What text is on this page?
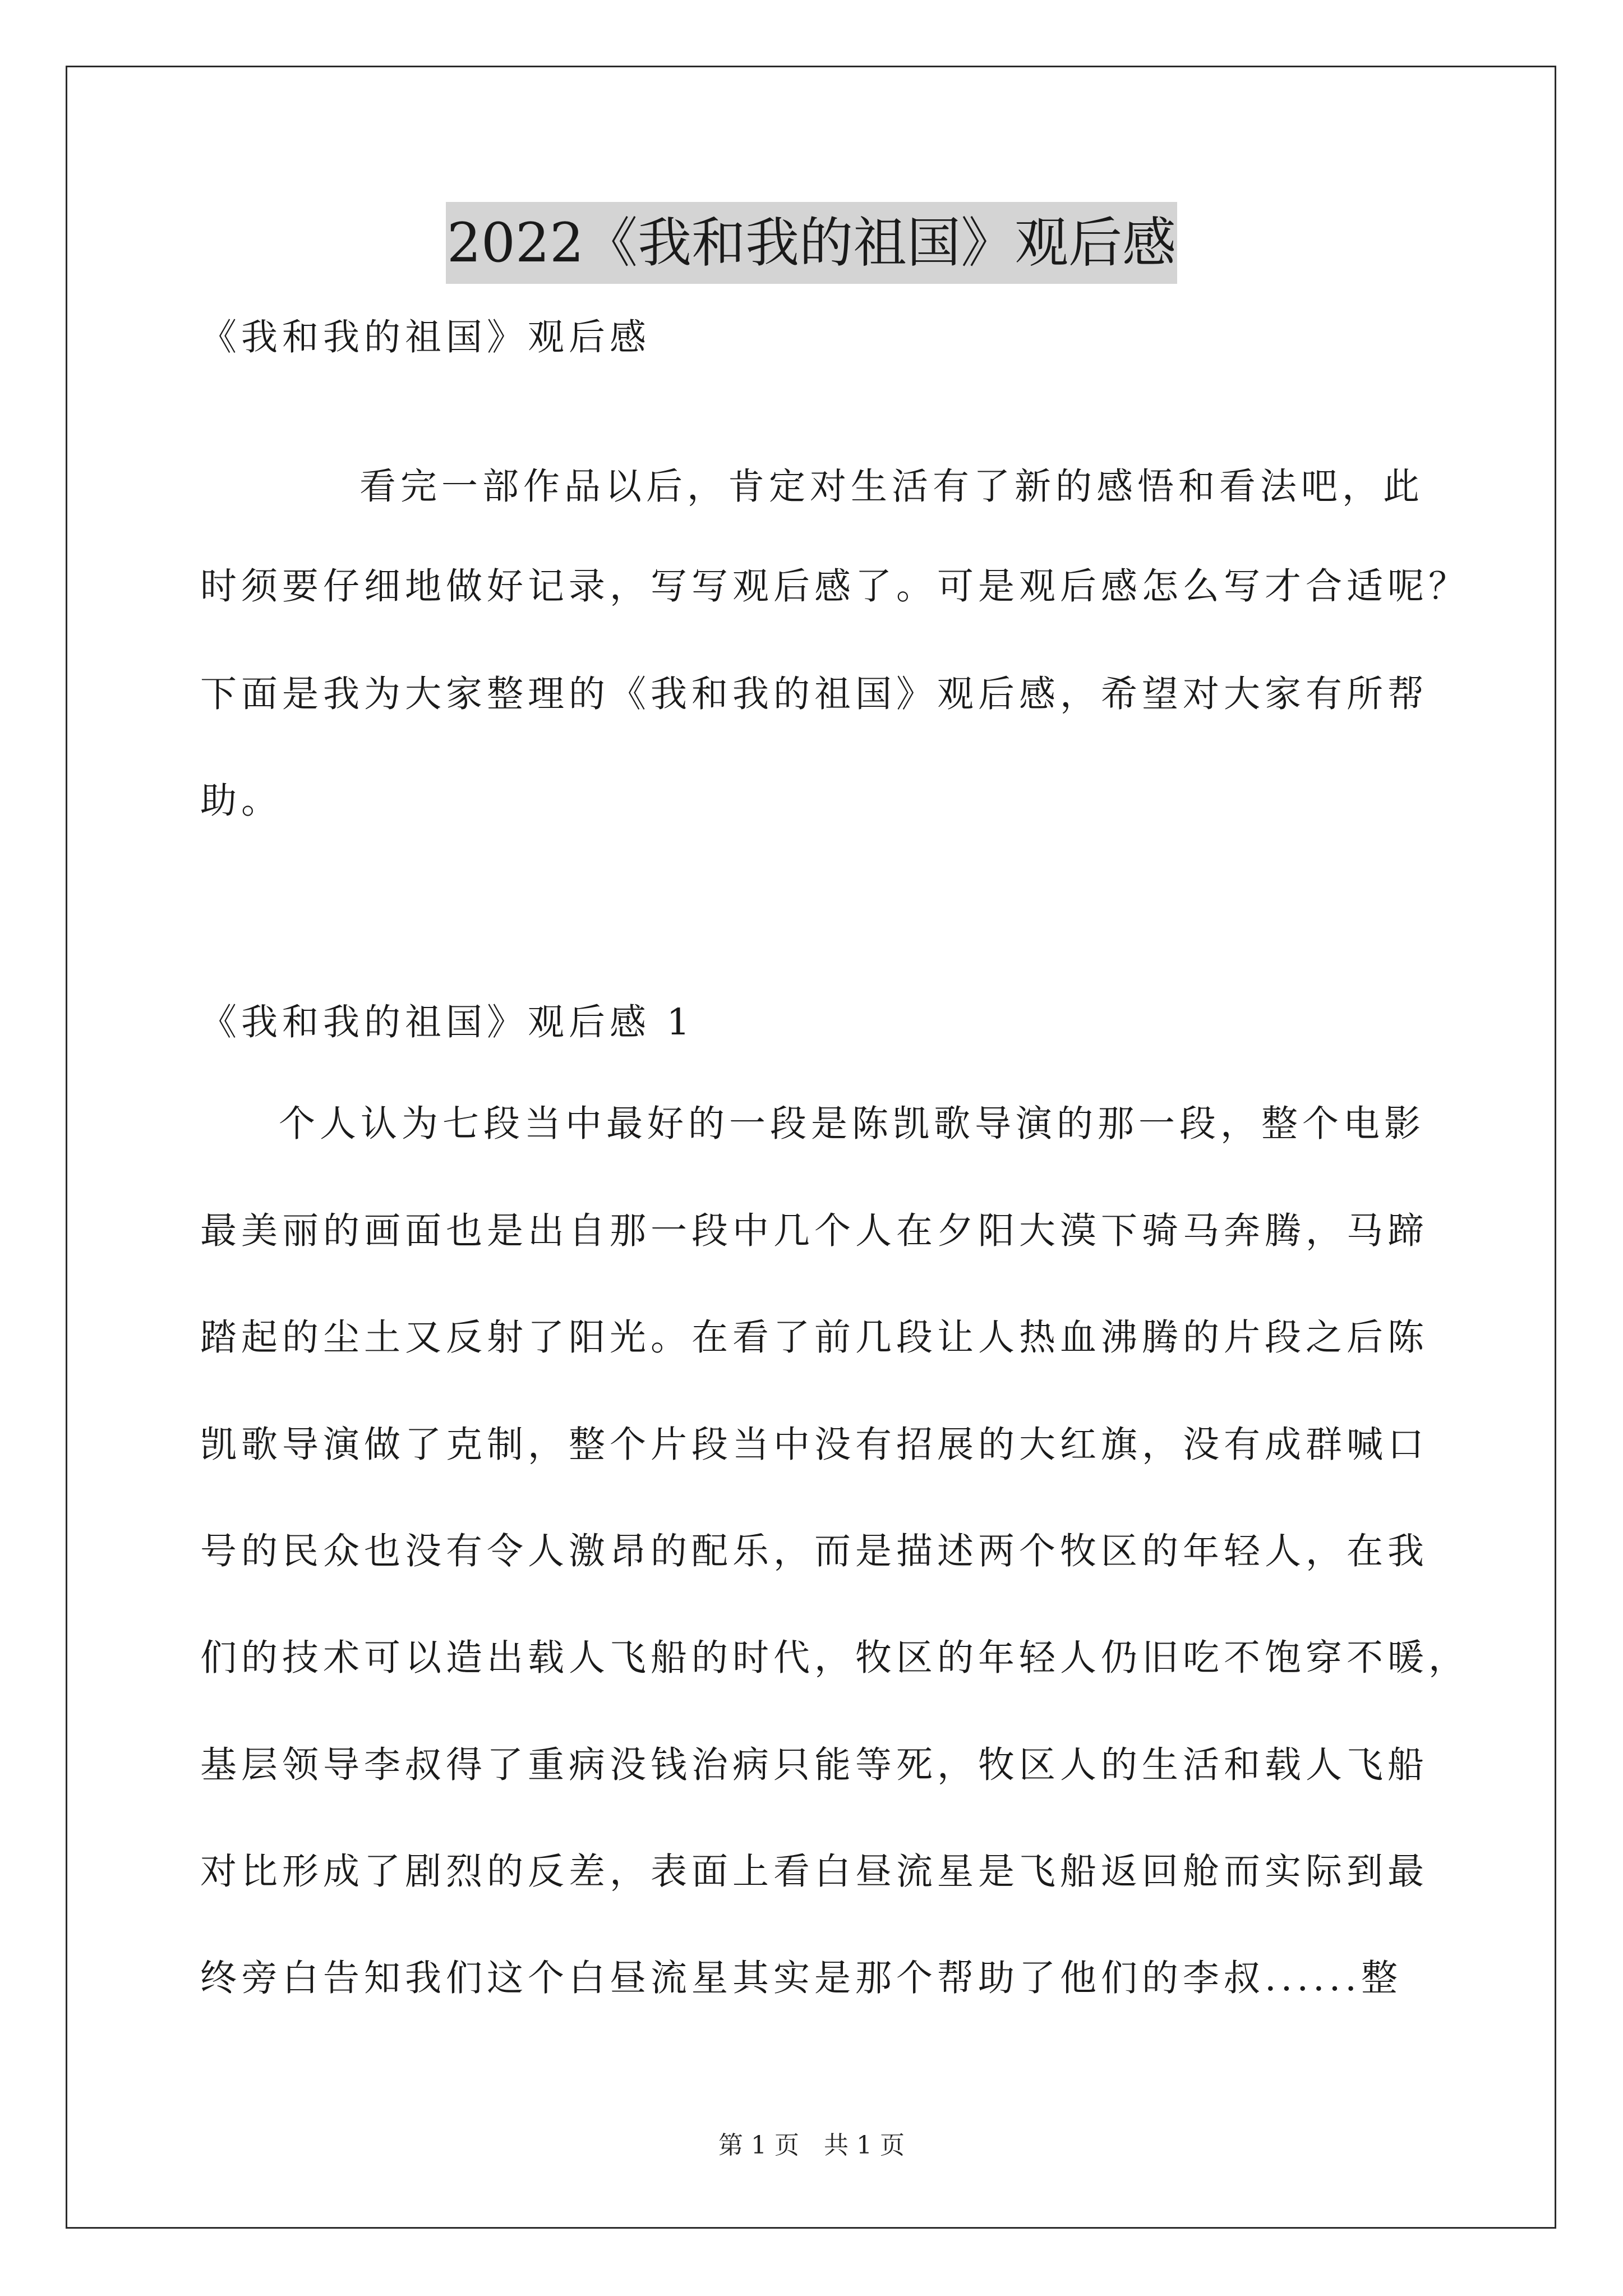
2022《我和我的祖国》观后感
《我和我的祖国》观后感
看完一部作品以后，肯定对生活有了新的感悟和看法吧，此
时须要仔细地做好记录，写写观后感了。可是观后感怎么写才合适呢？
下面是我为大家整理的《我和我的祖国》观后感，希望对大家有所帮
助。
《我和我的祖国》观后感 1
个人认为七段当中最好的一段是陈凯歌导演的那一段，整个电影
最美丽的画面也是出自那一段中几个人在夕阳大漠下骑马奔腾，马蹄
踏起的尘土又反射了阳光。在看了前几段让人热血沸腾的片段之后陈
凯歌导演做了克制，整个片段当中没有招展的大红旗，没有成群喊口
号的民众也没有令人激昂的配乐，而是描述两个牧区的年轻人，在我
们的技术可以造出载人飞船的时代，牧区的年轻人仍旧吃不饱穿不暖，
基层领导李叔得了重病没钱治病只能等死，牧区人的生活和载人飞船
对比形成了剧烈的反差，表面上看白昼流星是飞船返回舱而实际到最
终旁白告知我们这个白昼流星其实是那个帮助了他们的李叔......整
第 1 页　共 1 页
